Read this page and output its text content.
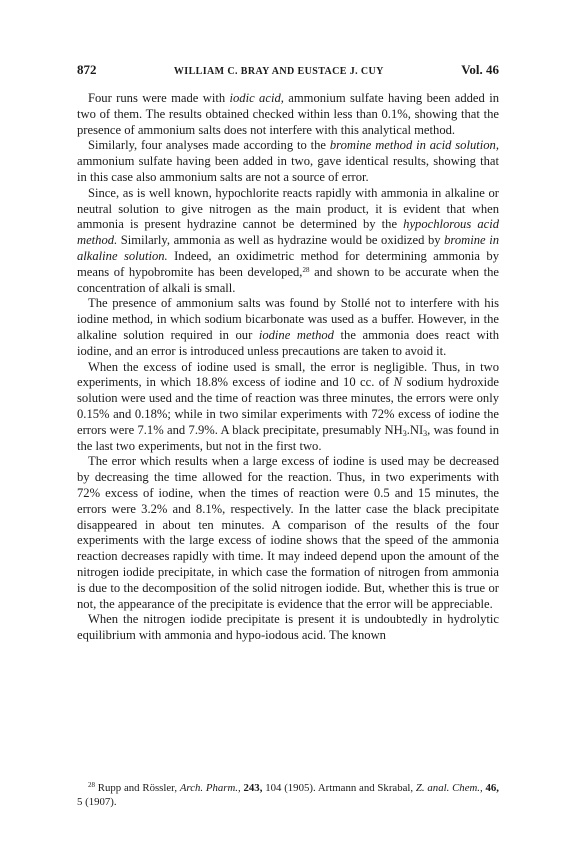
872	WILLIAM C. BRAY AND EUSTACE J. CUY	Vol. 46

Four runs were made with iodic acid, ammonium sulfate having been added in two of them. The results obtained checked within less than 0.1%, showing that the presence of ammonium salts does not interfere with this analytical method.

Similarly, four analyses made according to the bromine method in acid solution, ammonium sulfate having been added in two, gave identical results, showing that in this case also ammonium salts are not a source of error.

Since, as is well known, hypochlorite reacts rapidly with ammonia in alkaline or neutral solution to give nitrogen as the main product, it is evident that when ammonia is present hydrazine cannot be determined by the hypochlorous acid method. Similarly, ammonia as well as hydrazine would be oxidized by bromine in alkaline solution. Indeed, an oxidimetric method for determining ammonia by means of hypobromite has been developed,$^{28}$ and shown to be accurate when the concentration of alkali is small.

The presence of ammonium salts was found by Stollé not to interfere with his iodine method, in which sodium bicarbonate was used as a buffer. However, in the alkaline solution required in our iodine method the ammonia does react with iodine, and an error is introduced unless precautions are taken to avoid it.

When the excess of iodine used is small, the error is negligible. Thus, in two experiments, in which 18.8% excess of iodine and 10 cc. of N sodium hydroxide solution were used and the time of reaction was three minutes, the errors were only 0.15% and 0.18%; while in two similar experiments with 72% excess of iodine the errors were 7.1% and 7.9%. A black precipitate, presumably $NH_3.NI_3$, was found in the last two experiments, but not in the first two.

The error which results when a large excess of iodine is used may be decreased by decreasing the time allowed for the reaction. Thus, in two experiments with 72% excess of iodine, when the times of reaction were 0.5 and 15 minutes, the errors were 3.2% and 8.1%, respectively. In the latter case the black precipitate disappeared in about ten minutes. A comparison of the results of the four experiments with the large excess of iodine shows that the speed of the ammonia reaction decreases rapidly with time. It may indeed depend upon the amount of the nitrogen iodide precipitate, in which case the formation of nitrogen from ammonia is due to the decomposition of the solid nitrogen iodide. But, whether this is true or not, the appearance of the precipitate is evidence that the error will be appreciable.

When the nitrogen iodide precipitate is present it is undoubtedly in hydrolytic equilibrium with ammonia and hypo-iodous acid. The known

$^{28}$ Rupp and Rössler, Arch. Pharm., 243, 104 (1905). Artmann and Skrabal, Z. anal. Chem., 46, 5 (1907).
